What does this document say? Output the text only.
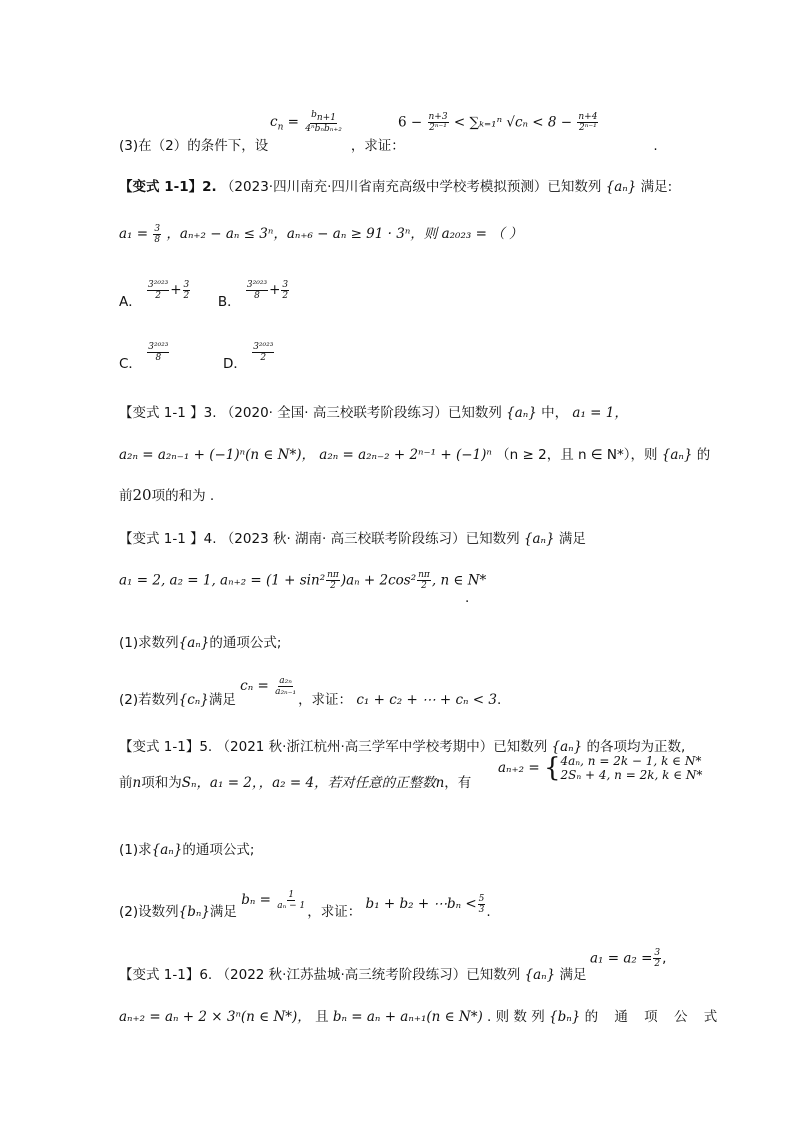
$c_n = \frac{bn+1}{\text{4ⁿbₙbₙ₊₂}}$	$6 - \frac{n+3}{\text{2ⁿ⁻¹}} < \sum_{k=1}^n$ $√c_n < 8 - \frac{n+4}{\text{2ⁿ⁻¹}}$
(3)在（2）的条件下，设	，求证：	.
【变式 1-1】2. （2023·四川南充·四川省南充高级中学校考模拟预测）已知数列 {aₙ} 满足:
$a_1 = \frac{3}{8}$ ，aₙ₊₂ − aₙ ≤ 3ⁿ，aₙ₊₆ − aₙ ≥ 91 · 3ⁿ，则 a₂₀₂₃ = （ ）
A．
$\frac{\text{3²⁰²³}}{2} + \frac{3}{2}$
B．
$\frac{\text{3²⁰²³}}{8} + \frac{3}{2}$
C．
$\frac{\text{3²⁰²³}}{8}$
D．
$\frac{\text{3²⁰²³}}{2}$
【变式 1-1 】3. （2020· 全国· 高三校联考阶段练习）已知数列 {aₙ} 中， a₁ = 1，
a₂ₙ = a₂ₙ₋₁ + (−1)ⁿ(n ∈ N*)， a₂ₙ = a₂ₙ₋₂ + 2ⁿ⁻¹ + (−1)ⁿ （n ≥ 2，且 n ∈ N*），则 {aₙ} 的
前20项的和为 .
【变式 1-1 】4. （2023 秋· 湖南· 高三校联考阶段练习）已知数列 {aₙ} 满足
a₁ = 2, a₂ = 1, $a_{n+2} = (1 + \sin^2 \frac{n\pi}{2} )a_n + 2\cos^2 \frac{n\pi}{2}$ , n ∈ N*
.
(1)求数列{aₙ}的通项公式;
(2)若数列{cₙ}满足 $c_n = \frac{\text{a₂ₙ}}{\text{a₂ₙ₋₁}}$
，求证： c₁ + c₂ + ⋯ + cₙ < 3.
【变式 1-1】5. （2021 秋·浙江杭州·高三学军中学校考期中）已知数列 {aₙ} 的各项均为正数,
前n项和为Sₙ，a₁ = 2，，a₂ = 4，若对任意的正整数n，有
aₙ₊₂ = { 4aₙ, n = 2k − 1, k ∈ N*
2Sₙ + 4, n = 2k, k ∈ N*
(1)求{aₙ}的通项公式;
(2)设数列{bₙ}满足 $b_n = \frac{1}{\text{aₙ − 1}}$
，求证： b₁ + b₂ + ⋯bₙ < $\frac{5}{3}$ .
【变式 1-1】6. （2022 秋·江苏盐城·高三统考阶段练习）已知数列 {aₙ} 满足
$a_1 = a_2 = \frac{3}{2}$ ,
aₙ₊₂ = aₙ + 2 × 3ⁿ(n ∈ N*)， 且 bₙ = aₙ + aₙ₊₁(n ∈ N*) . 则 数 列 {bₙ} 的 通 项 公 式
